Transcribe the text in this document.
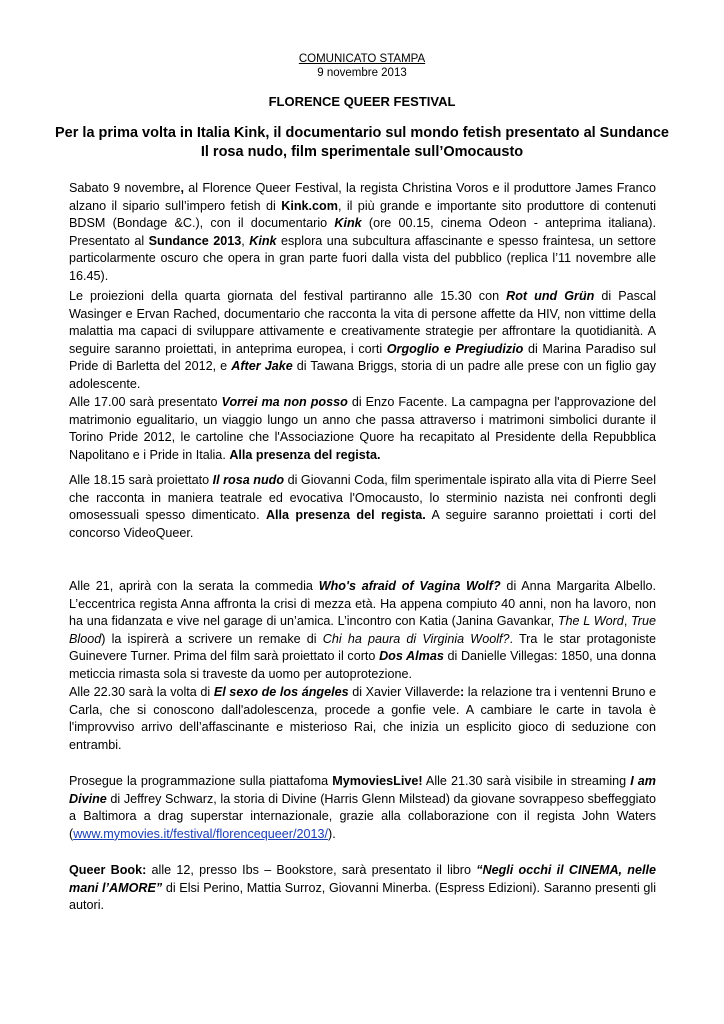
COMUNICATO STAMPA
9 novembre 2013
FLORENCE QUEER FESTIVAL
Per la prima volta in Italia Kink, il documentario sul mondo fetish presentato al Sundance
Il rosa nudo, film sperimentale sull’Omocausto

Sabato 9 novembre, al Florence Queer Festival, la regista Christina Voros e il produttore James Franco alzano il sipario sull’impero fetish di Kink.com, il più grande e importante sito produttore di contenuti BDSM (Bondage &C.), con il documentario Kink (ore 00.15, cinema Odeon - anteprima italiana). Presentato al Sundance 2013, Kink esplora una subcultura affascinante e spesso fraintesa, un settore particolarmente oscuro che opera in gran parte fuori dalla vista del pubblico (replica l’11 novembre alle 16.45).

Le proiezioni della quarta giornata del festival partiranno alle 15.30 con Rot und Grün di Pascal Wasinger e Ervan Rached, documentario che racconta la vita di persone affette da HIV, non vittime della malattia ma capaci di sviluppare attivamente e creativamente strategie per affrontare la quotidianità. A seguire saranno proiettati, in anteprima europea, i corti Orgoglio e Pregiudizio di Marina Paradiso sul Pride di Barletta del 2012, e After Jake di Tawana Briggs, storia di un padre alle prese con un figlio gay adolescente.

Alle 17.00 sarà presentato Vorrei ma non posso di Enzo Facente. La campagna per l'approvazione del matrimonio egualitario, un viaggio lungo un anno che passa attraverso i matrimoni simbolici durante il Torino Pride 2012, le cartoline che l'Associazione Quore ha recapitato al Presidente della Repubblica Napolitano e i Pride in Italia. Alla presenza del regista.

Alle 18.15 sarà proiettato Il rosa nudo di Giovanni Coda, film sperimentale ispirato alla vita di Pierre Seel che racconta in maniera teatrale ed evocativa l'Omocausto, lo sterminio nazista nei confronti degli omosessuali spesso dimenticato. Alla presenza del regista. A seguire saranno proiettati i corti del concorso VideoQueer.

Alle 21, aprirà con la serata la commedia Who's afraid of Vagina Wolf? di Anna Margarita Albello. L’eccentrica regista Anna affronta la crisi di mezza età. Ha appena compiuto 40 anni, non ha lavoro, non ha una fidanzata e vive nel garage di un’amica. L’incontro con Katia (Janina Gavankar, The L Word, True Blood) la ispirerà a scrivere un remake di Chi ha paura di Virginia Woolf?. Tra le star protagoniste Guinevere Turner. Prima del film sarà proiettato il corto Dos Almas di Danielle Villegas: 1850, una donna meticcia rimasta sola si traveste da uomo per autoprotezione.

Alle 22.30 sarà la volta di El sexo de los ángeles di Xavier Villaverde: la relazione tra i ventenni Bruno e Carla, che si conoscono dall'adolescenza, procede a gonfie vele. A cambiare le carte in tavola è l'improvviso arrivo dell’affascinante e misterioso Rai, che inizia un esplicito gioco di seduzione con entrambi.

Prosegue la programmazione sulla piattafoma MymoviesLive! Alle 21.30 sarà visibile in streaming I am Divine di Jeffrey Schwarz, la storia di Divine (Harris Glenn Milstead) da giovane sovrappeso sbeffeggiato a Baltimora a drag superstar internazionale, grazie alla collaborazione con il regista John Waters (www.mymovies.it/festival/florencequeer/2013/).

Queer Book: alle 12, presso Ibs – Bookstore, sarà presentato il libro “Negli occhi il CINEMA, nelle mani l’AMORE” di Elsi Perino, Mattia Surroz, Giovanni Minerba. (Espress Edizioni). Saranno presenti gli autori.
